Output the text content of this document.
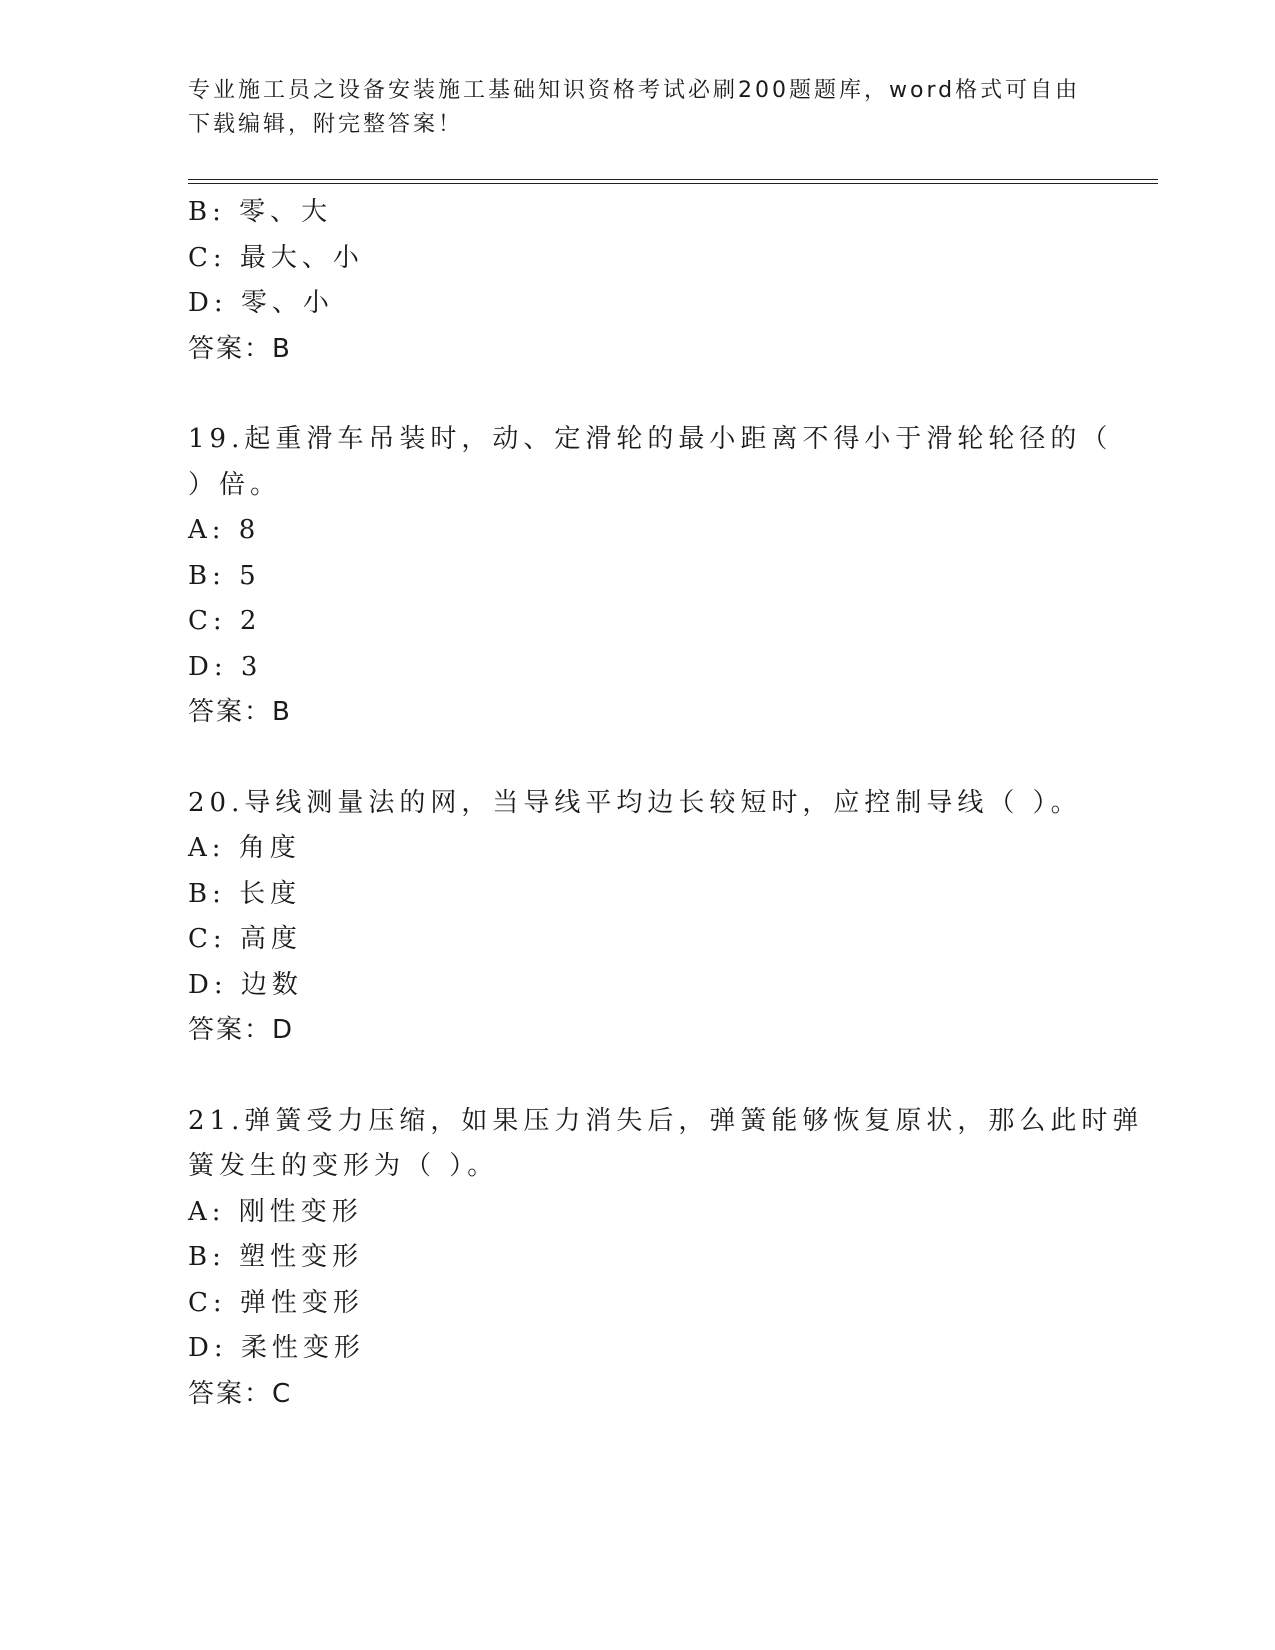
专业施工员之设备安装施工基础知识资格考试必刷200题题库，word格式可自由
下载编辑，附完整答案！
B: 零、大
C: 最大、小
D: 零、小
答案：B
19.起重滑车吊装时，动、定滑轮的最小距离不得小于滑轮轮径的（
）倍。
A: 8
B: 5
C: 2
D: 3
答案：B
20.导线测量法的网，当导线平均边长较短时，应控制导线（ ）。
A: 角度
B: 长度
C: 高度
D: 边数
答案：D
21.弹簧受力压缩，如果压力消失后，弹簧能够恢复原状，那么此时弹
簧发生的变形为（ ）。
A: 刚性变形
B: 塑性变形
C: 弹性变形
D: 柔性变形
答案：C
